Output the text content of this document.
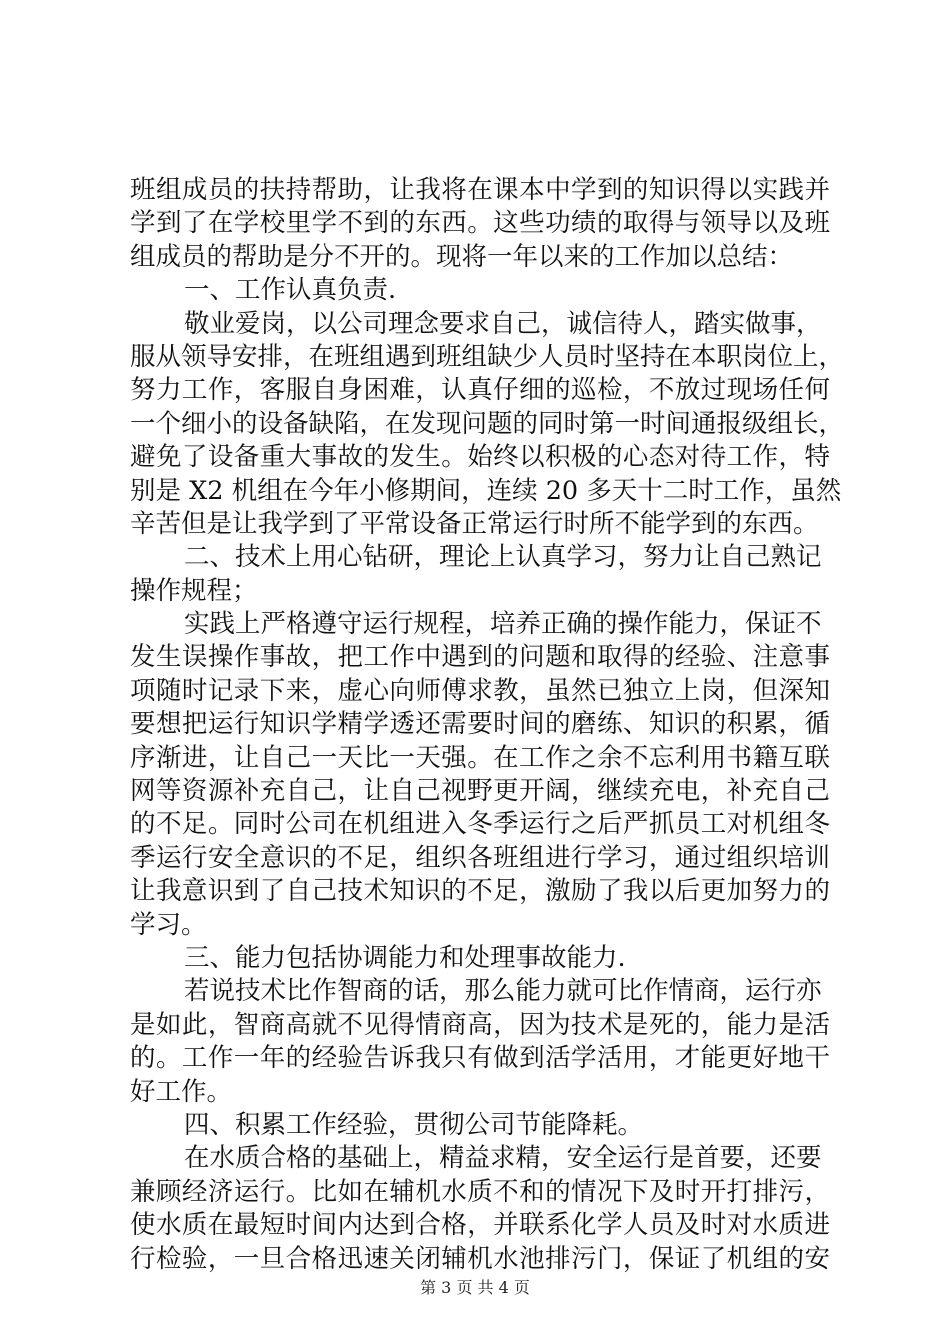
班组成员的扶持帮助，让我将在课本中学到的知识得以实践并
学到了在学校里学不到的东西。这些功绩的取得与领导以及班
组成员的帮助是分不开的。现将一年以来的工作加以总结：
一、工作认真负责.
敬业爱岗，以公司理念要求自己，诚信待人，踏实做事，
服从领导安排，在班组遇到班组缺少人员时坚持在本职岗位上，
努力工作，客服自身困难，认真仔细的巡检，不放过现场任何
一个细小的设备缺陷，在发现问题的同时第一时间通报级组长，
避免了设备重大事故的发生。始终以积极的心态对待工作，特
别是 X2 机组在今年小修期间，连续 20 多天十二时工作，虽然
辛苦但是让我学到了平常设备正常运行时所不能学到的东西。
二、技术上用心钻研，理论上认真学习，努力让自己熟记
操作规程；
实践上严格遵守运行规程，培养正确的操作能力，保证不
发生误操作事故，把工作中遇到的问题和取得的经验、注意事
项随时记录下来，虚心向师傅求教，虽然已独立上岗，但深知
要想把运行知识学精学透还需要时间的磨练、知识的积累，循
序渐进，让自己一天比一天强。在工作之余不忘利用书籍互联
网等资源补充自己，让自己视野更开阔，继续充电，补充自己
的不足。同时公司在机组进入冬季运行之后严抓员工对机组冬
季运行安全意识的不足，组织各班组进行学习，通过组织培训
让我意识到了自己技术知识的不足，激励了我以后更加努力的
学习。
三、能力包括协调能力和处理事故能力.
若说技术比作智商的话，那么能力就可比作情商，运行亦
是如此，智商高就不见得情商高，因为技术是死的，能力是活
的。工作一年的经验告诉我只有做到活学活用，才能更好地干
好工作。
四、积累工作经验，贯彻公司节能降耗。
在水质合格的基础上，精益求精，安全运行是首要，还要
兼顾经济运行。比如在辅机水质不和的情况下及时开打排污，
使水质在最短时间内达到合格，并联系化学人员及时对水质进
行检验，一旦合格迅速关闭辅机水池排污门，保证了机组的安
第 3 页 共 4 页
